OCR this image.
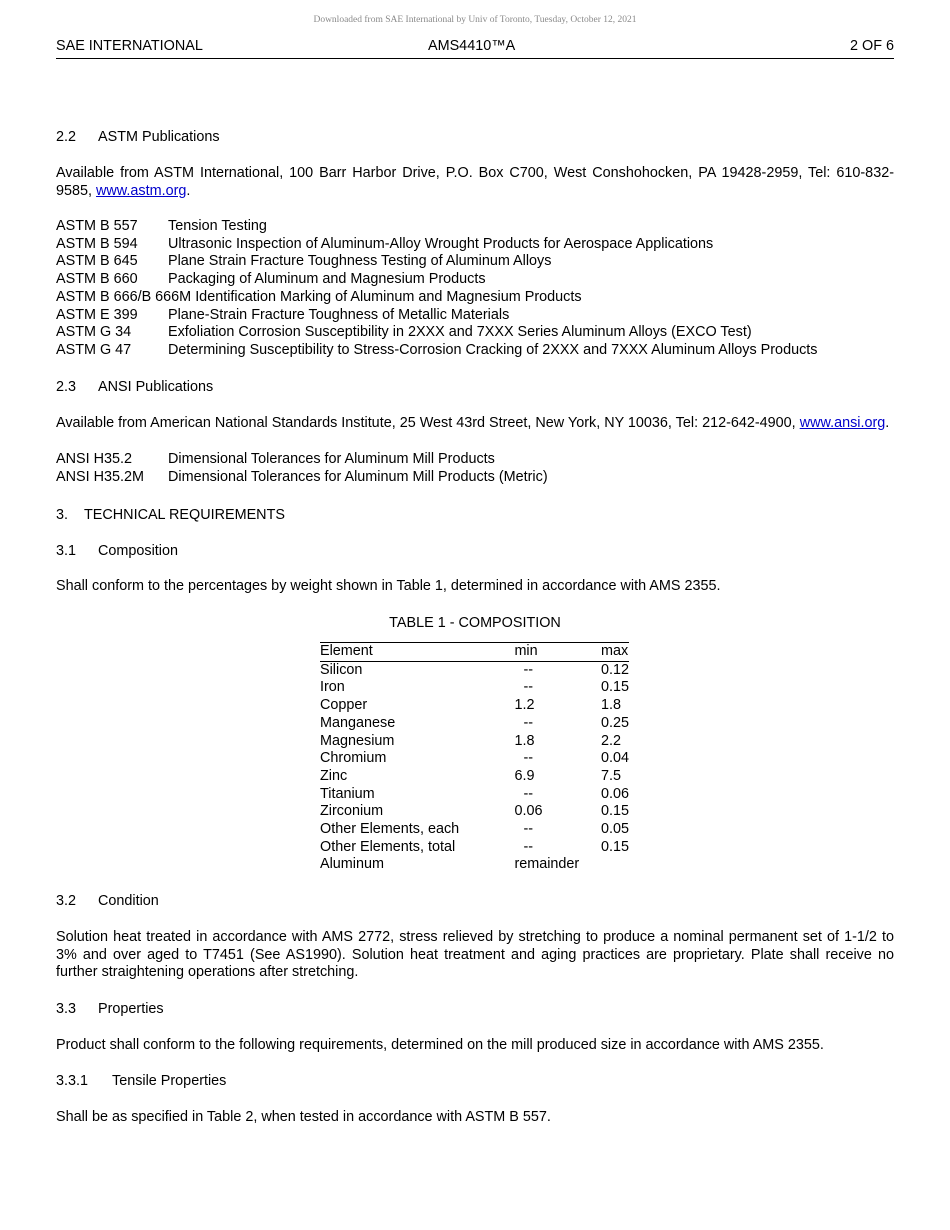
Downloaded from SAE International by Univ of Toronto, Tuesday, October 12, 2021
SAE INTERNATIONAL	AMS4410™A	2 OF 6
2.2	ASTM Publications
Available from ASTM International, 100 Barr Harbor Drive, P.O. Box C700, West Conshohocken, PA 19428-2959, Tel: 610-832-9585, www.astm.org.
ASTM B 557	Tension Testing
ASTM B 594	Ultrasonic Inspection of Aluminum-Alloy Wrought Products for Aerospace Applications
ASTM B 645	Plane Strain Fracture Toughness Testing of Aluminum Alloys
ASTM B 660	Packaging of Aluminum and Magnesium Products
ASTM B 666/B 666M Identification Marking of Aluminum and Magnesium Products
ASTM E 399	Plane-Strain Fracture Toughness of Metallic Materials
ASTM G 34	Exfoliation Corrosion Susceptibility in 2XXX and 7XXX Series Aluminum Alloys (EXCO Test)
ASTM G 47	Determining Susceptibility to Stress-Corrosion Cracking of 2XXX and 7XXX Aluminum Alloys Products
2.3	ANSI Publications
Available from American National Standards Institute, 25 West 43rd Street, New York, NY 10036, Tel: 212-642-4900, www.ansi.org.
ANSI H35.2	Dimensional Tolerances for Aluminum Mill Products
ANSI H35.2M	Dimensional Tolerances for Aluminum Mill Products (Metric)
3.	TECHNICAL REQUIREMENTS
3.1	Composition
Shall conform to the percentages by weight shown in Table 1, determined in accordance with AMS 2355.
TABLE 1 - COMPOSITION
Element	min	max
Silicon	--	0.12
Iron	--	0.15
Copper	1.2	1.8
Manganese	--	0.25
Magnesium	1.8	2.2
Chromium	--	0.04
Zinc	6.9	7.5
Titanium	--	0.06
Zirconium	0.06	0.15
Other Elements, each	--	0.05
Other Elements, total	--	0.15
Aluminum	remainder	
3.2	Condition
Solution heat treated in accordance with AMS 2772, stress relieved by stretching to produce a nominal permanent set of 1-1/2 to 3% and over aged to T7451 (See AS1990). Solution heat treatment and aging practices are proprietary. Plate shall receive no further straightening operations after stretching.
3.3	Properties
Product shall conform to the following requirements, determined on the mill produced size in accordance with AMS 2355.
3.3.1	Tensile Properties
Shall be as specified in Table 2, when tested in accordance with ASTM B 557.
